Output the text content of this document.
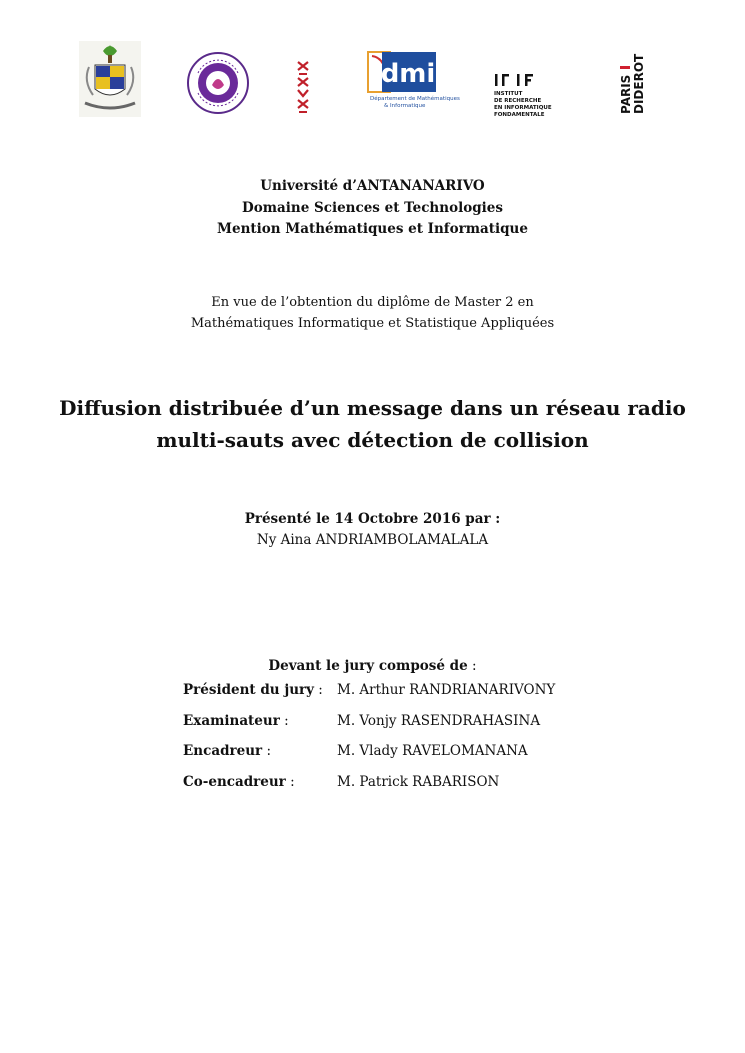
dmi
Département de Mathématiques
& Informatique
INSTITUT
DE RECHERCHE
EN INFORMATIQUE
FONDAMENTALE
PARIS DIDEROT
Université d’ANTANANARIVO
Domaine Sciences et Technologies
Mention Mathématiques et Informatique
En vue de l’obtention du diplôme de Master 2 en
Mathématiques Informatique et Statistique Appliquées
Diffusion distribuée d’un message dans un réseau radio
multi-sauts avec détection de collision
Présenté le 14 Octobre 2016 par :
Ny Aina ANDRIAMBOLAMALALA
Devant le jury composé de :
Président du jury :	M. Arthur RANDRIANARIVONY
Examinateur :	M. Vonjy RASENDRAHASINA
Encadreur :	M. Vlady RAVELOMANANA
Co-encadreur :	M. Patrick RABARISON
